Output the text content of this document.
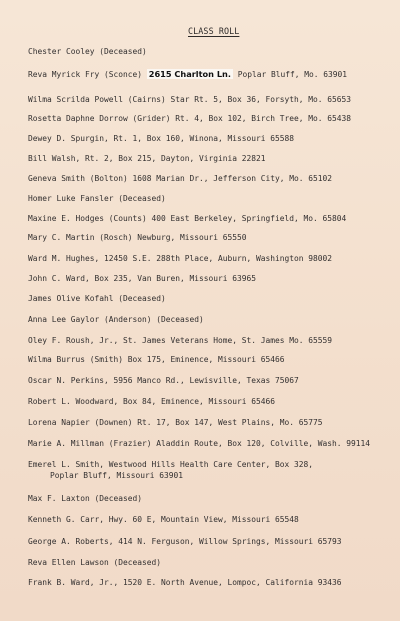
CLASS ROLL
Chester Cooley (Deceased)
Reva Myrick Fry (Sconce) 2615 Charlton Ln. Poplar Bluff, Mo. 63901
Wilma Scrilda Powell (Cairns) Star Rt. 5, Box 36, Forsyth, Mo. 65653
Rosetta Daphne Dorrow (Grider) Rt. 4, Box 102, Birch Tree, Mo. 65438
Dewey D. Spurgin, Rt. 1, Box 160, Winona, Missouri 65588
Bill Walsh, Rt. 2, Box 215, Dayton, Virginia 22821
Geneva Smith (Bolton) 1608 Marian Dr., Jefferson City, Mo. 65102
Homer Luke Fansler (Deceased)
Maxine E. Hodges (Counts) 400 East Berkeley, Springfield, Mo. 65804
Mary C. Martin (Rosch) Newburg, Missouri 65550
Ward M. Hughes, 12450 S.E. 288th Place, Auburn, Washington 98002
John C. Ward, Box 235, Van Buren, Missouri 63965
James Olive Kofahl (Deceased)
Anna Lee Gaylor (Anderson) (Deceased)
Oley F. Roush, Jr., St. James Veterans Home, St. James Mo. 65559
Wilma Burrus (Smith) Box 175, Eminence, Missouri 65466
Oscar N. Perkins, 5956 Manco Rd., Lewisville, Texas 75067
Robert L. Woodward, Box 84, Eminence, Missouri 65466
Lorena Napier (Downen) Rt. 17, Box 147, West Plains, Mo. 65775
Marie A. Millman (Frazier) Aladdin Route, Box 120, Colville, Wash. 99114
Emerel L. Smith, Westwood Hills Health Care Center, Box 328,
Poplar Bluff, Missouri 63901
Max F. Laxton (Deceased)
Kenneth G. Carr, Hwy. 60 E, Mountain View, Missouri 65548
George A. Roberts, 414 N. Ferguson, Willow Springs, Missouri 65793
Reva Ellen Lawson (Deceased)
Frank B. Ward, Jr., 1520 E. North Avenue, Lompoc, California 93436
